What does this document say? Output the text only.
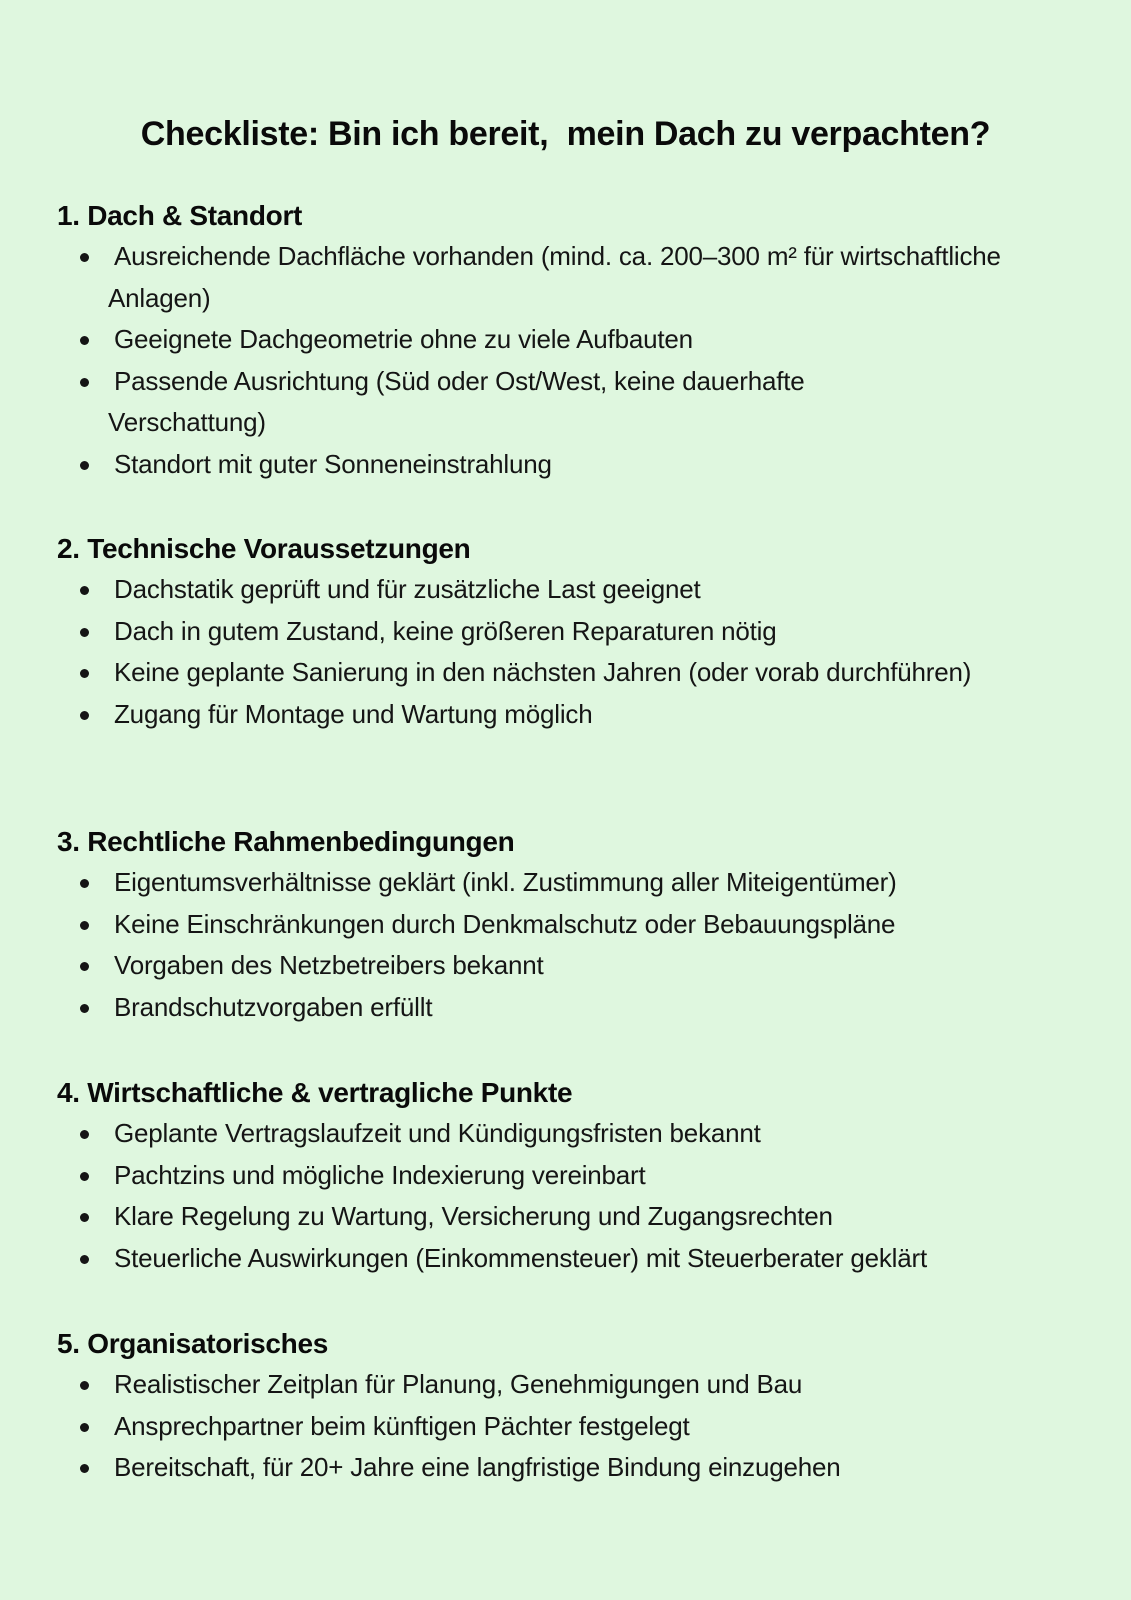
Checkliste: Bin ich bereit,  mein Dach zu verpachten?
1. Dach & Standort
Ausreichende Dachfläche vorhanden (mind. ca. 200–300 m² für wirtschaftliche Anlagen)
Geeignete Dachgeometrie ohne zu viele Aufbauten
Passende Ausrichtung (Süd oder Ost/West, keine dauerhafte Verschattung)
Standort mit guter Sonneneinstrahlung
2. Technische Voraussetzungen
Dachstatik geprüft und für zusätzliche Last geeignet
Dach in gutem Zustand, keine größeren Reparaturen nötig
Keine geplante Sanierung in den nächsten Jahren (oder vorab durchführen)
Zugang für Montage und Wartung möglich
3. Rechtliche Rahmenbedingungen
Eigentumsverhältnisse geklärt (inkl. Zustimmung aller Miteigentümer)
Keine Einschränkungen durch Denkmalschutz oder Bebauungspläne
Vorgaben des Netzbetreibers bekannt
Brandschutzvorgaben erfüllt
4. Wirtschaftliche & vertragliche Punkte
Geplante Vertragslaufzeit und Kündigungsfristen bekannt
Pachtzins und mögliche Indexierung vereinbart
Klare Regelung zu Wartung, Versicherung und Zugangsrechten
Steuerliche Auswirkungen (Einkommensteuer) mit Steuerberater geklärt
5. Organisatorisches
Realistischer Zeitplan für Planung, Genehmigungen und Bau
Ansprechpartner beim künftigen Pächter festgelegt
Bereitschaft, für 20+ Jahre eine langfristige Bindung einzugehen
